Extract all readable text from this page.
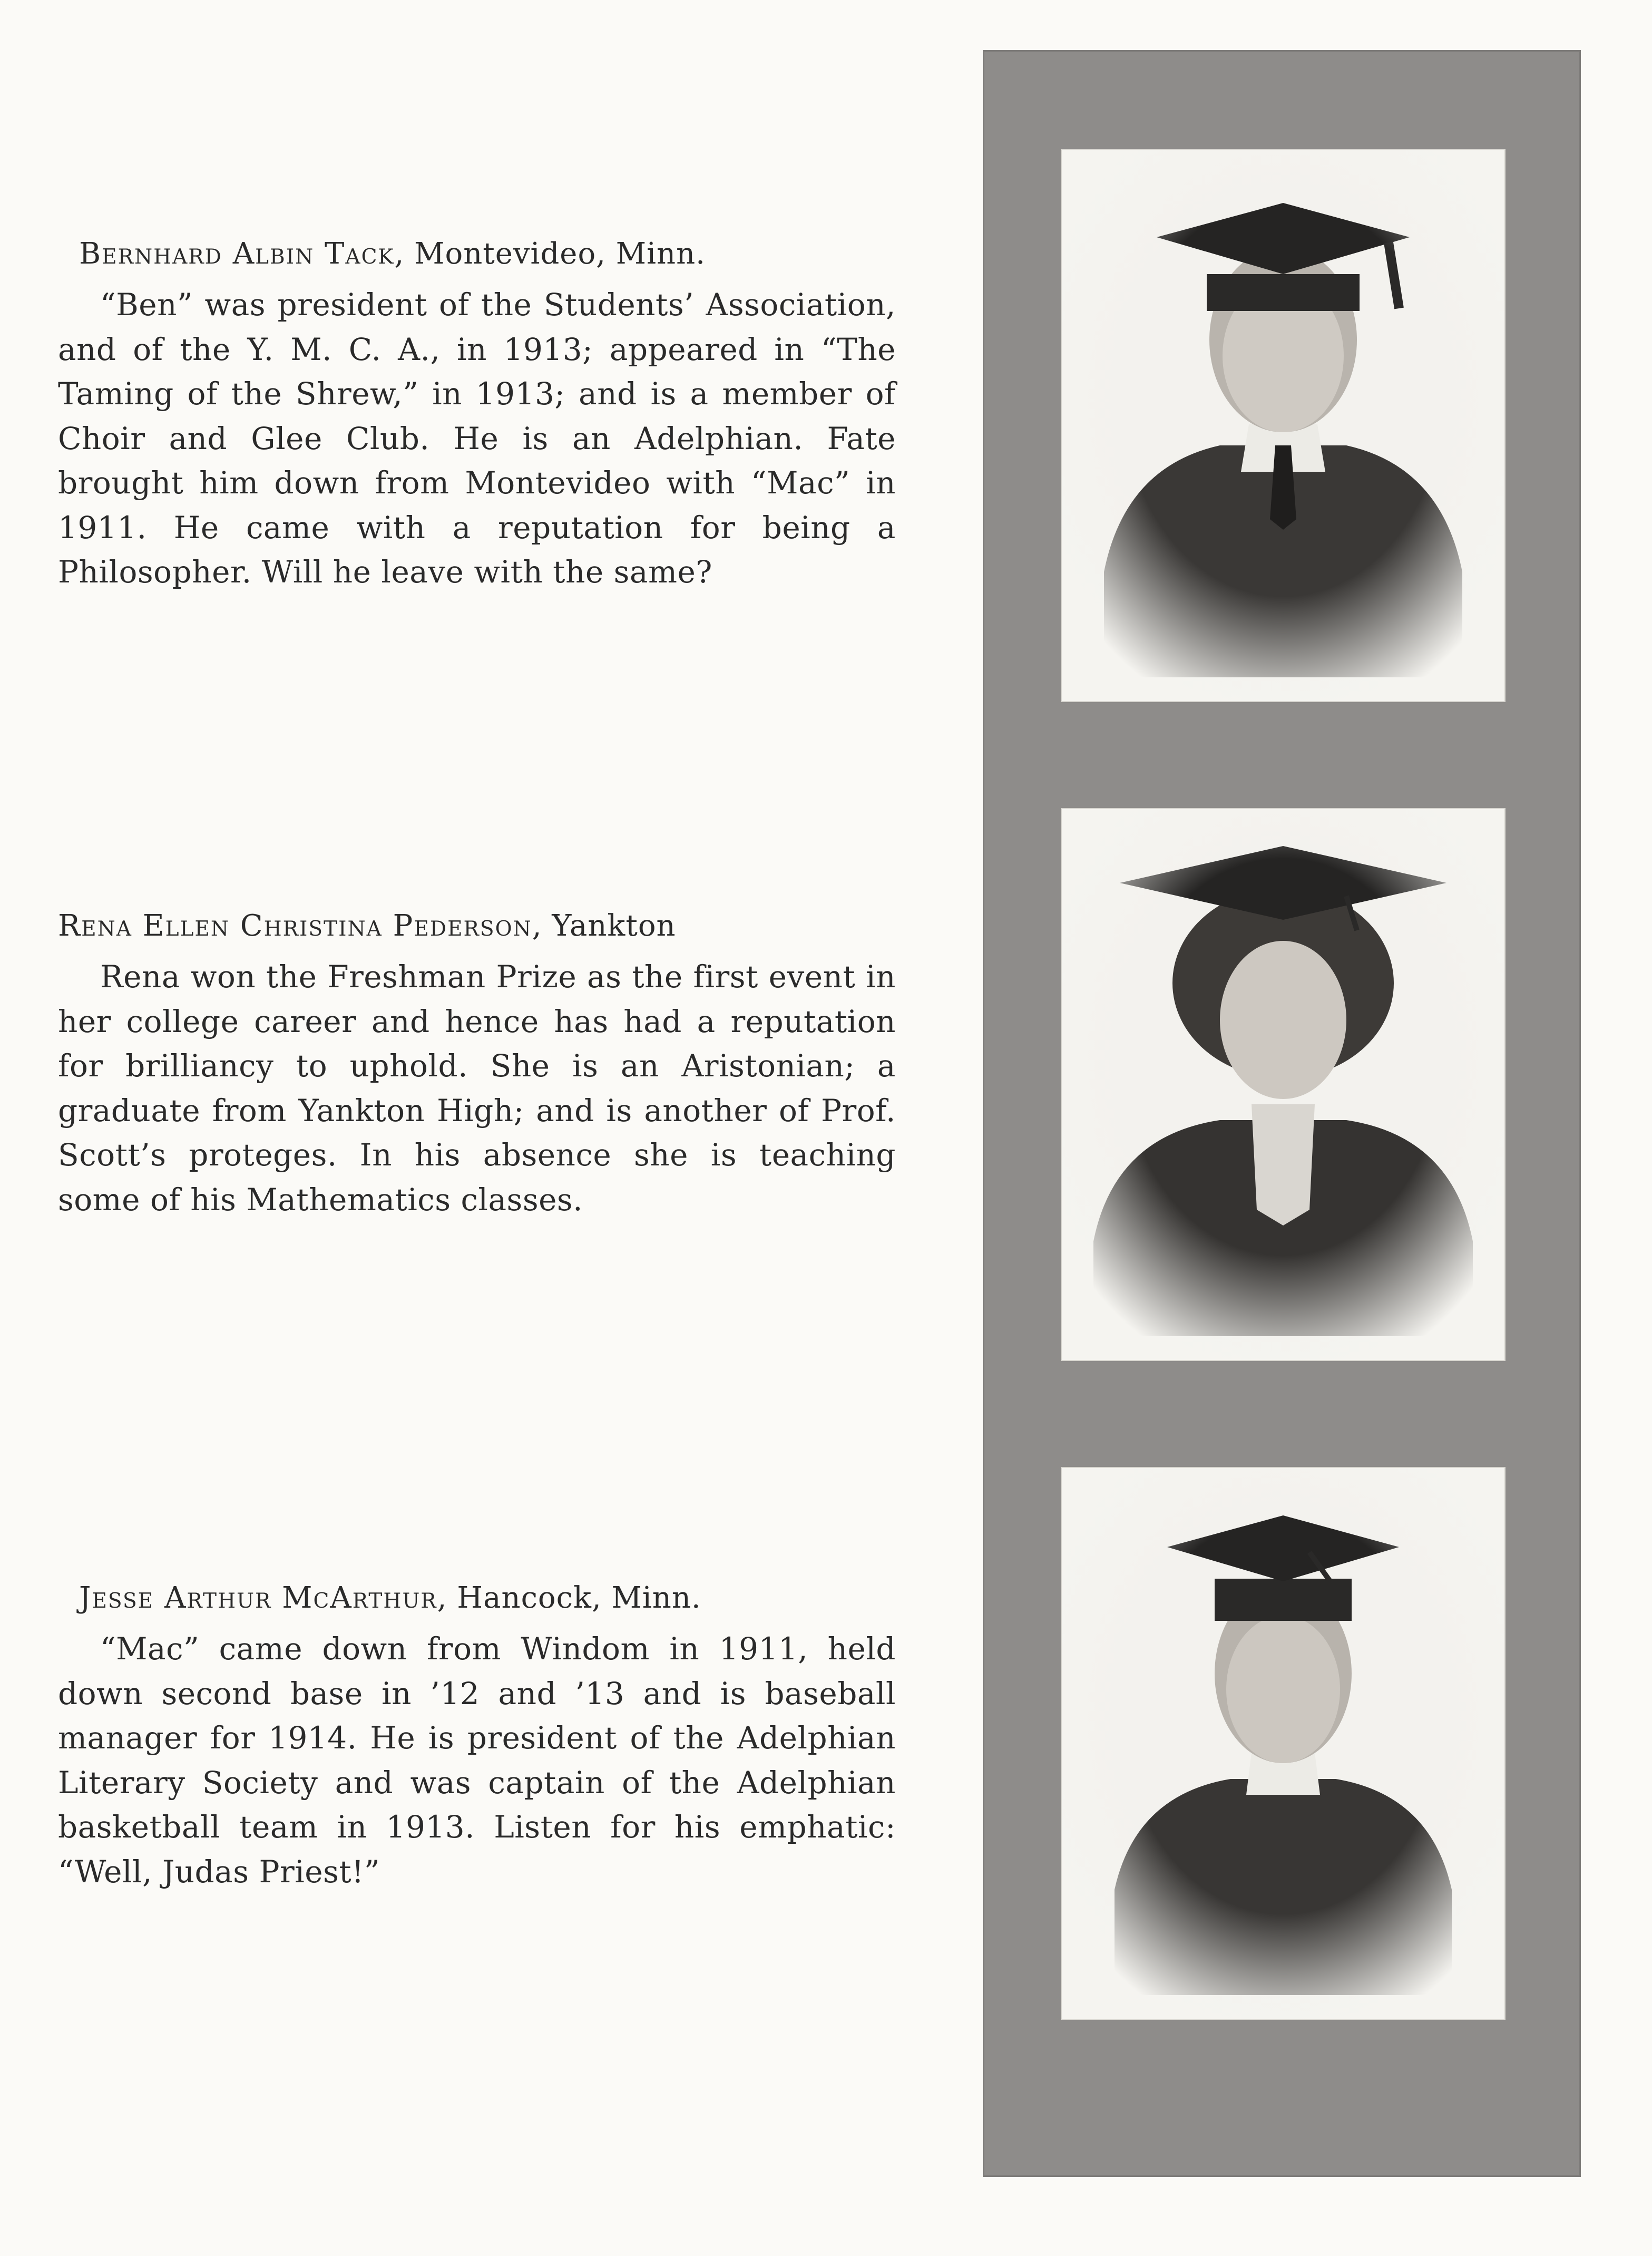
Bernhard Albin Tack, Montevideo, Minn.

“Ben” was president of the Students’ Association, and of the Y. M. C. A., in 1913; appeared in “The Taming of the Shrew,” in 1913; and is a member of Choir and Glee Club. He is an Adelphian. Fate brought him down from Montevideo with “Mac” in 1911. He came with a reputation for being a Philosopher. Will he leave with the same?

Rena Ellen Christina Pederson, Yankton

Rena won the Freshman Prize as the first event in her college career and hence has had a reputation for brilliancy to uphold. She is an Aristonian; a graduate from Yankton High; and is another of Prof. Scott’s proteges. In his absence she is teaching some of his Mathematics classes.

Jesse Arthur McArthur, Hancock, Minn.

“Mac” came down from Windom in 1911, held down second base in ’12 and ’13 and is baseball manager for 1914. He is president of the Adelphian Literary Society and was captain of the Adelphian basketball team in 1913. Listen for his emphatic: “Well, Judas Priest!”
